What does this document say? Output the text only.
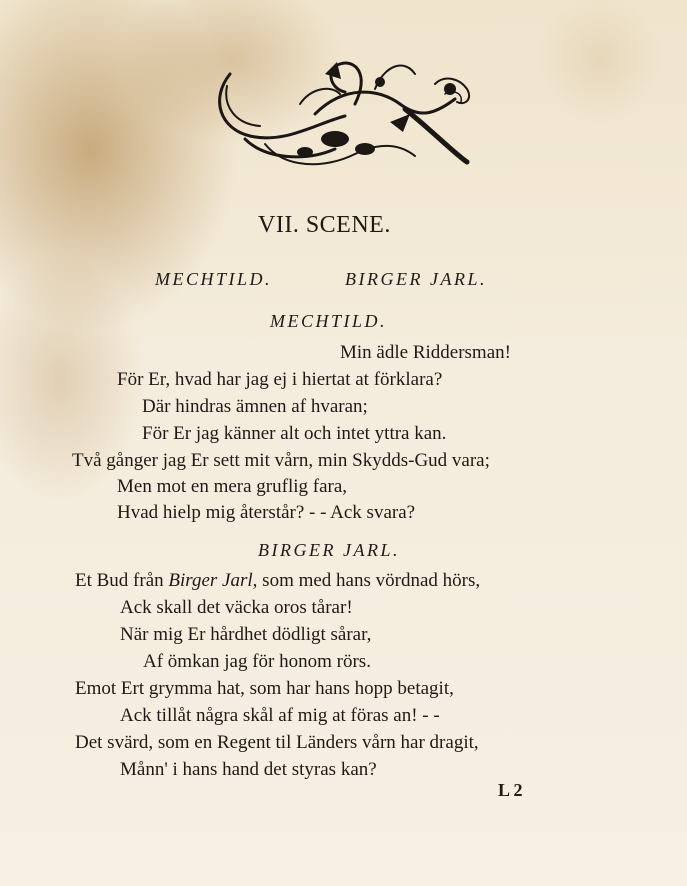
VII. SCENE.
MECHTILD.	BIRGER JARL.
MECHTILD.
Min ädle Riddersman!
För Er, hvad har jag ej i hiertat at förklara?
Där hindras ämnen af hvaran;
För Er jag känner alt och intet yttra kan.
Två gånger jag Er sett mit vårn, min Skydds-Gud vara;
Men mot en mera gruflig fara,
Hvad hielp mig återstår? - - Ack svara?
BIRGER JARL.
Et Bud från Birger Jarl, som med hans vördnad hörs,
Ack skall det väcka oros tårar!
När mig Er hårdhet dödligt sårar,
Af ömkan jag för honom rörs.
Emot Ert grymma hat, som har hans hopp betagit,
Ack tillåt några skål af mig at föras an! - -
Det svärd, som en Regent til Länders vårn har dragit,
Månn' i hans hand det styras kan?
L 2
